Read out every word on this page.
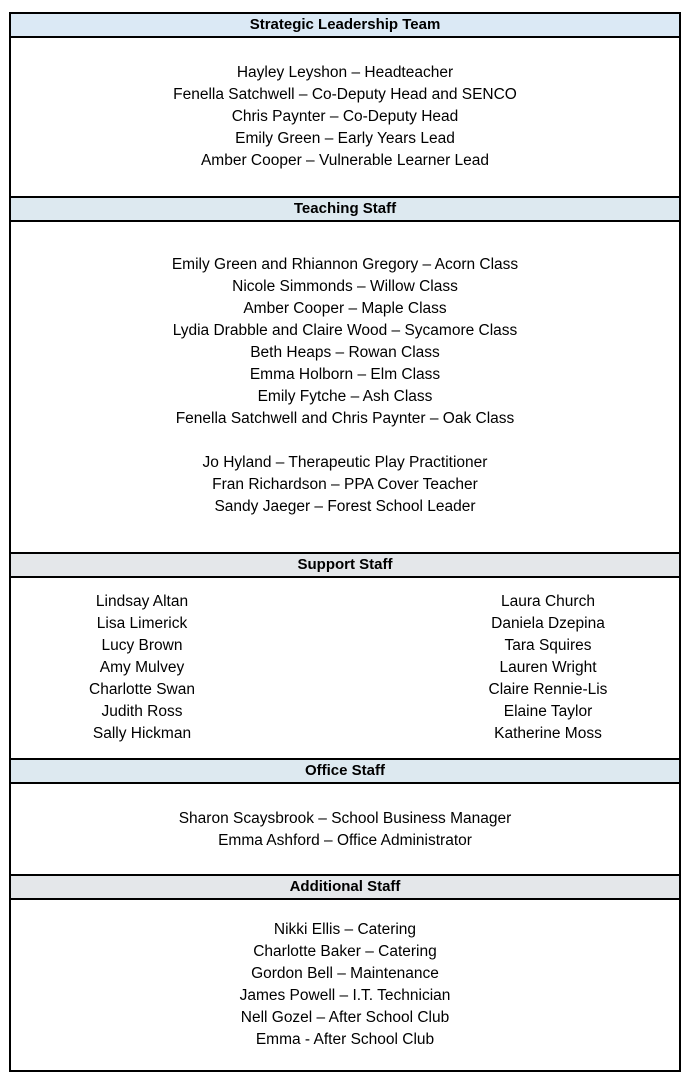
Strategic Leadership Team
Hayley Leyshon – Headteacher
Fenella Satchwell – Co-Deputy Head and SENCO
Chris Paynter – Co-Deputy Head
Emily Green – Early Years Lead
Amber Cooper – Vulnerable Learner Lead
Teaching Staff
Emily Green and Rhiannon Gregory – Acorn Class
Nicole Simmonds – Willow Class
Amber Cooper – Maple Class
Lydia Drabble and Claire Wood – Sycamore Class
Beth Heaps – Rowan Class
Emma Holborn – Elm Class
Emily Fytche – Ash Class
Fenella Satchwell and Chris Paynter – Oak Class
Jo Hyland – Therapeutic Play Practitioner
Fran Richardson – PPA Cover Teacher
Sandy Jaeger – Forest School Leader
Support Staff
Lindsay Altan
Lisa Limerick
Lucy Brown
Amy Mulvey
Charlotte Swan
Judith Ross
Sally Hickman
Laura Church
Daniela Dzepina
Tara Squires
Lauren Wright
Claire Rennie-Lis
Elaine Taylor
Katherine Moss
Office Staff
Sharon Scaysbrook – School Business Manager
Emma Ashford – Office Administrator
Additional Staff
Nikki Ellis – Catering
Charlotte Baker – Catering
Gordon Bell – Maintenance
James Powell – I.T. Technician
Nell Gozel – After School Club
Emma - After School Club
